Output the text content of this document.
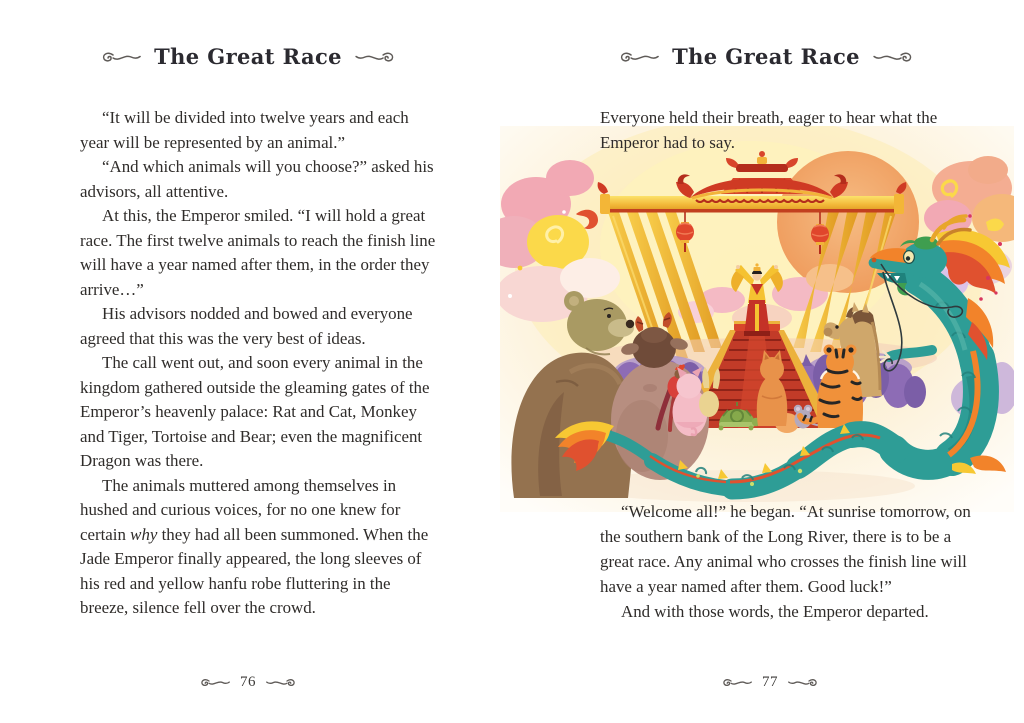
The Great Race

“It will be divided into twelve years and each year will be represented by an animal.”

“And which animals will you choose?” asked his advisors, all attentive.

At this, the Emperor smiled. “I will hold a great race. The first twelve animals to reach the finish line will have a year named after them, in the order they arrive…”

His advisors nodded and bowed and everyone agreed that this was the very best of ideas.

The call went out, and soon every animal in the kingdom gathered outside the gleaming gates of the Emperor’s heavenly palace: Rat and Cat, Monkey and Tiger, Tortoise and Bear; even the magnificent Dragon was there.

The animals muttered among themselves in hushed and curious voices, for no one knew for certain why they had all been summoned. When the Jade Emperor finally appeared, the long sleeves of his red and yellow hanfu robe fluttering in the breeze, silence fell over the crowd.

76
The Great Race

Everyone held their breath, eager to hear what the Emperor had to say.

“Welcome all!” he began. “At sunrise tomorrow, on the southern bank of the Long River, there is to be a great race. Any animal who crosses the finish line will have a year named after them. Good luck!”

And with those words, the Emperor departed.

77
